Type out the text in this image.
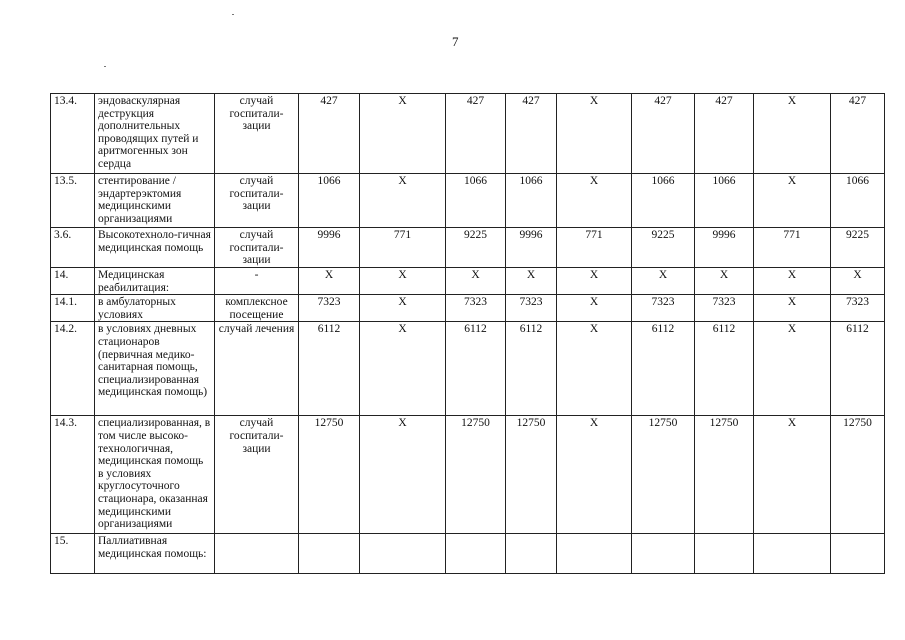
7
13.4.	эндоваскулярная деструкция дополнительных проводящих путей и аритмогенных зон сердца	случай госпитали-зации	427	Х	427	427	Х	427	427	Х	427
13.5.	стентирование / эндартерэктомия медицинскими организациями	случай госпитали-зации	1066	Х	1066	1066	Х	1066	1066	Х	1066
3.6.	Высокотехноло-гичная медицинская помощь	случай госпитали-зации	9996	771	9225	9996	771	9225	9996	771	9225
14.	Медицинская реабилитация:	-	Х	Х	Х	Х	Х	Х	Х	Х	Х
14.1.	в амбулаторных условиях	комплексное посещение	7323	Х	7323	7323	Х	7323	7323	Х	7323
14.2.	в условиях дневных стационаров (первичная медико-санитарная помощь, специализированная медицинская помощь)	случай лечения	6112	Х	6112	6112	Х	6112	6112	Х	6112
14.3.	специализированная, в том числе высоко-технологичная, медицинская помощь в условиях круглосуточного стационара, оказанная медицинскими организациями	случай госпитали-зации	12750	Х	12750	12750	Х	12750	12750	Х	12750
15.	Паллиативная медицинская помощь:										
